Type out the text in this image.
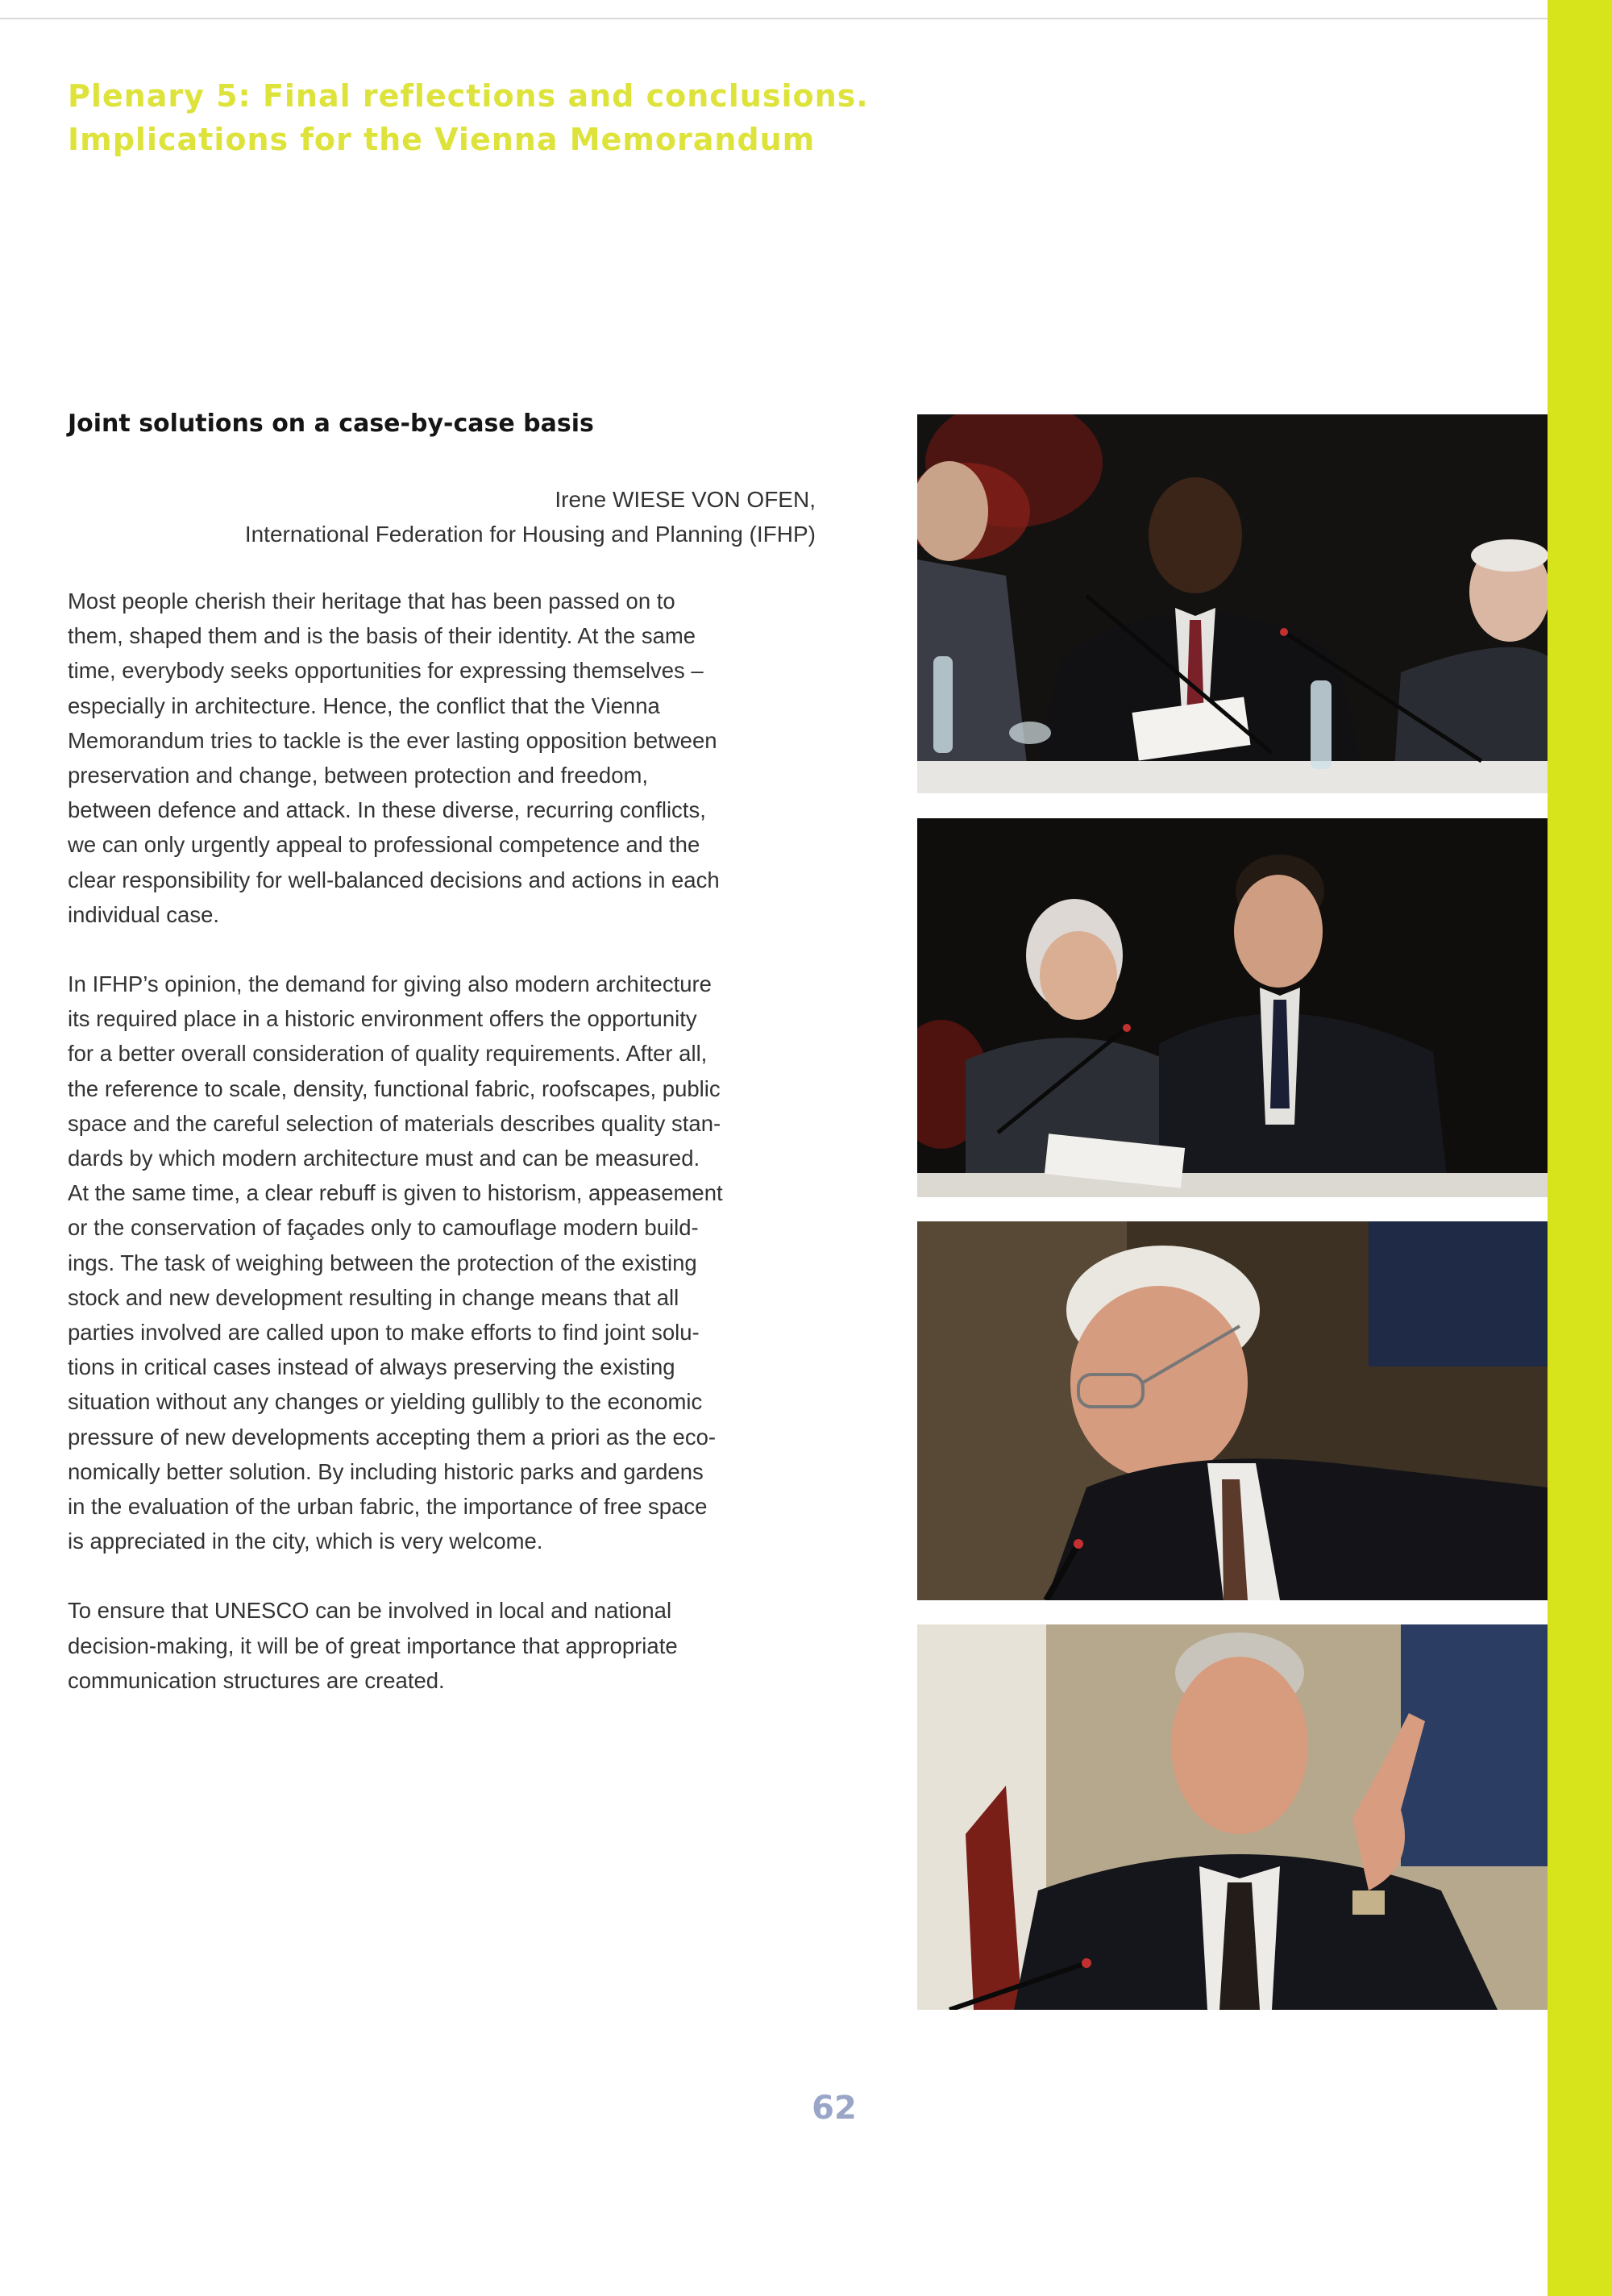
Plenary 5: Final reflections and conclusions.
Implications for the Vienna Memorandum
Joint solutions on a case-by-case basis
Irene WIESE VON OFEN,
International Federation for Housing and Planning (IFHP)
Most people cherish their heritage that has been passed on to
them, shaped them and is the basis of their identity. At the same
time, everybody seeks opportunities for expressing themselves –
especially in architecture. Hence, the conflict that the Vienna
Memorandum tries to tackle is the ever lasting opposition between
preservation and change, between protection and freedom,
between defence and attack. In these diverse, recurring conflicts,
we can only urgently appeal to professional competence and the
clear responsibility for well-balanced decisions and actions in each
individual case.
In IFHP’s opinion, the demand for giving also modern architecture
its required place in a historic environment offers the opportunity
for a better overall consideration of quality requirements. After all,
the reference to scale, density, functional fabric, roofscapes, public
space and the careful selection of materials describes quality stan-
dards by which modern architecture must and can be measured.
At the same time, a clear rebuff is given to historism, appeasement
or the conservation of façades only to camouflage modern build-
ings. The task of weighing between the protection of the existing
stock and new development resulting in change means that all
parties involved are called upon to make efforts to find joint solu-
tions in critical cases instead of always preserving the existing
situation without any changes or yielding gullibly to the economic
pressure of new developments accepting them a priori as the eco-
nomically better solution. By including historic parks and gardens
in the evaluation of the urban fabric, the importance of free space
is appreciated in the city, which is very welcome.
To ensure that UNESCO can be involved in local and national
decision-making, it will be of great importance that appropriate
communication structures are created.
62
